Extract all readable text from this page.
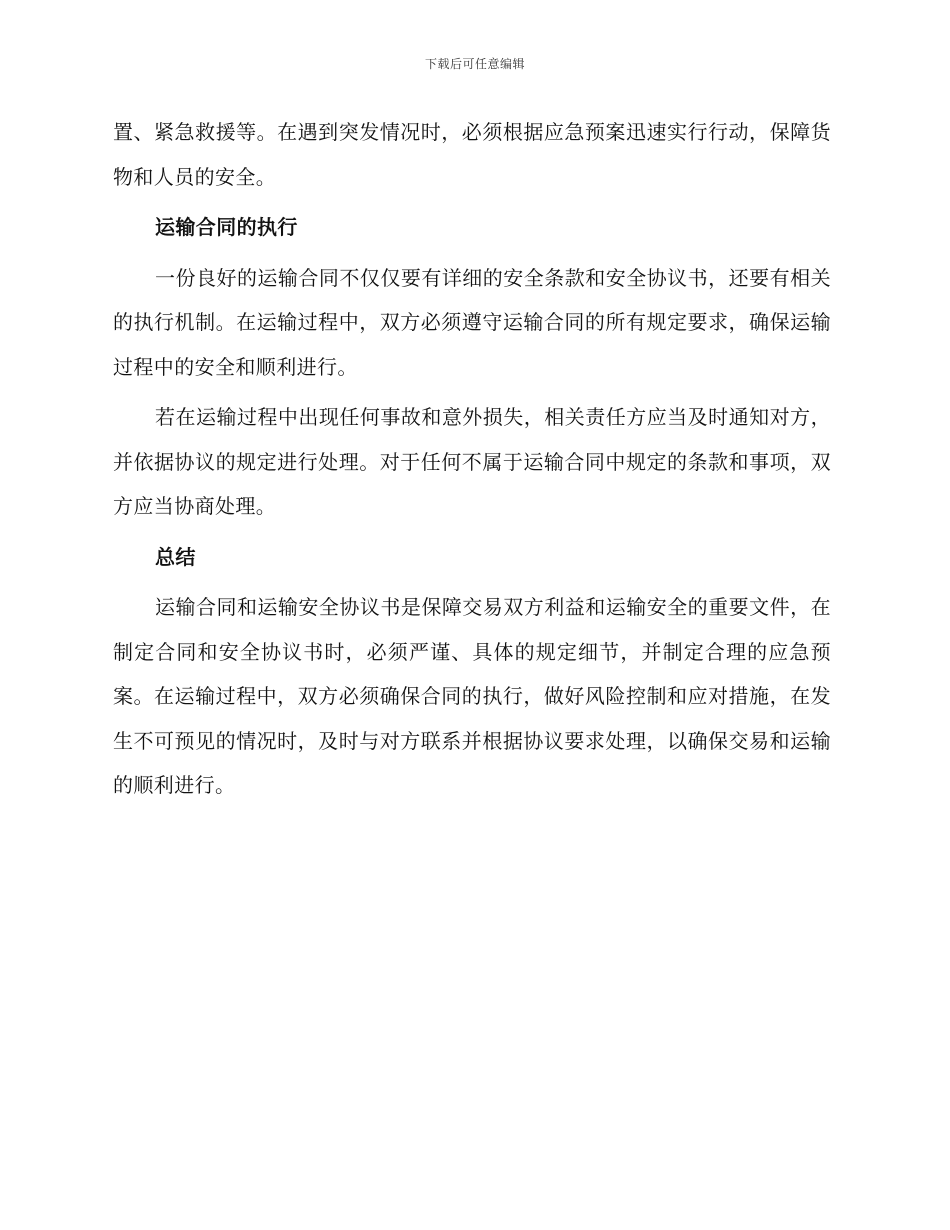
下载后可任意编辑

置、紧急救援等。在遇到突发情况时，必须根据应急预案迅速实行行动，保障货物和人员的安全。

运输合同的执行

一份良好的运输合同不仅仅要有详细的安全条款和安全协议书，还要有相关的执行机制。在运输过程中，双方必须遵守运输合同的所有规定要求，确保运输过程中的安全和顺利进行。

若在运输过程中出现任何事故和意外损失，相关责任方应当及时通知对方，并依据协议的规定进行处理。对于任何不属于运输合同中规定的条款和事项，双方应当协商处理。

总结

运输合同和运输安全协议书是保障交易双方利益和运输安全的重要文件，在制定合同和安全协议书时，必须严谨、具体的规定细节，并制定合理的应急预案。在运输过程中，双方必须确保合同的执行，做好风险控制和应对措施，在发生不可预见的情况时，及时与对方联系并根据协议要求处理，以确保交易和运输的顺利进行。
